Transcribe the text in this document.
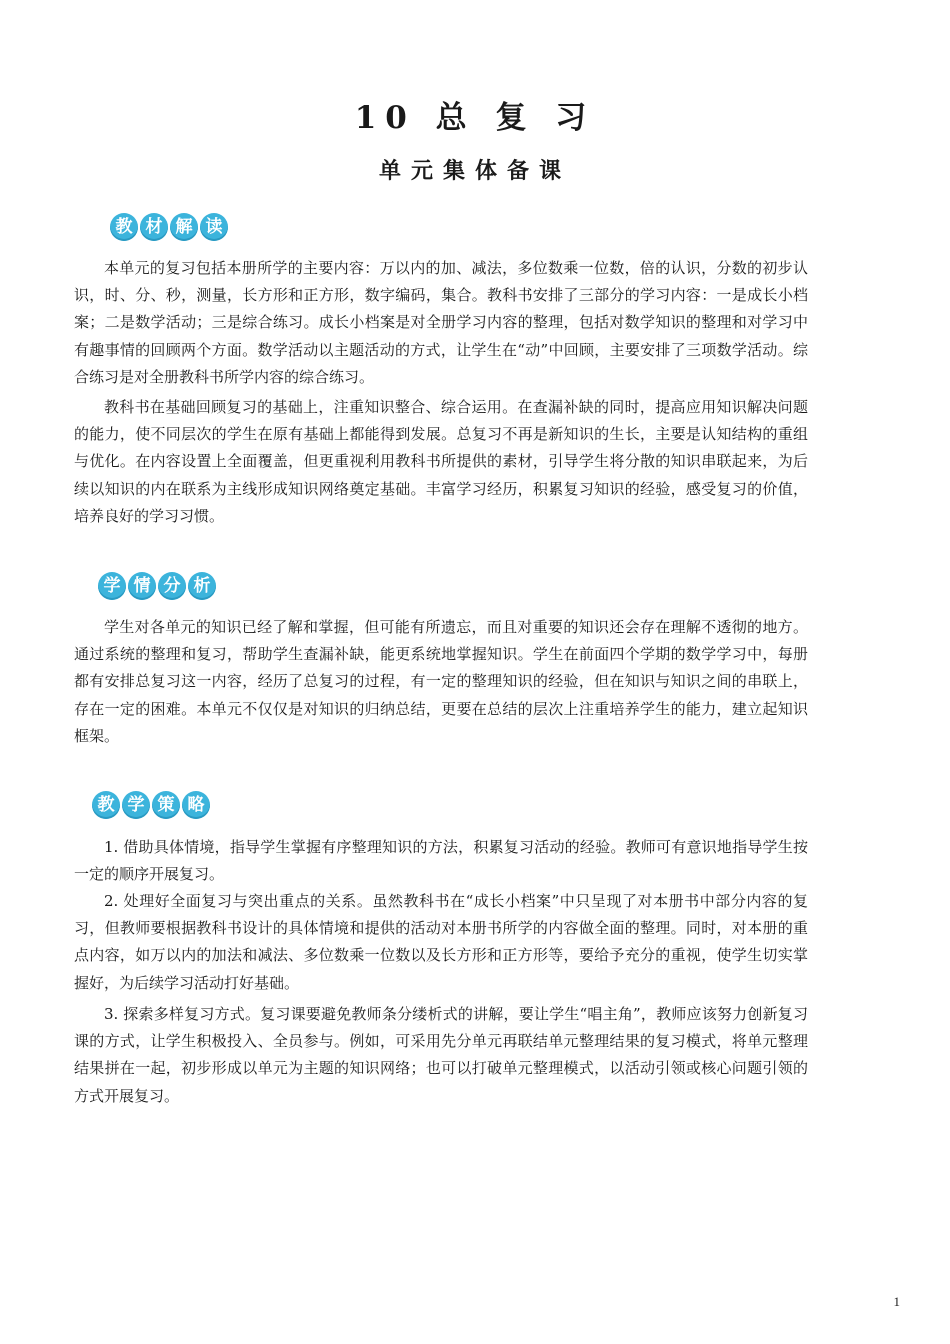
10 总 复 习
单元集体备课
教 材 解 读

本单元的复习包括本册所学的主要内容：万以内的加、减法，多位数乘一位数，倍的认识，分数的初步认识，时、分、秒，测量，长方形和正方形，数字编码，集合。教科书安排了三部分的学习内容：一是成长小档案；二是数学活动；三是综合练习。成长小档案是对全册学习内容的整理，包括对数学知识的整理和对学习中有趣事情的回顾两个方面。数学活动以主题活动的方式，让学生在“动”中回顾，主要安排了三项数学活动。综合练习是对全册教科书所学内容的综合练习。

教科书在基础回顾复习的基础上，注重知识整合、综合运用。在查漏补缺的同时，提高应用知识解决问题的能力，使不同层次的学生在原有基础上都能得到发展。总复习不再是新知识的生长，主要是认知结构的重组与优化。在内容设置上全面覆盖，但更重视利用教科书所提供的素材，引导学生将分散的知识串联起来，为后续以知识的内在联系为主线形成知识网络奠定基础。丰富学习经历，积累复习知识的经验，感受复习的价值，培养良好的学习习惯。

学 情 分 析

学生对各单元的知识已经了解和掌握，但可能有所遗忘，而且对重要的知识还会存在理解不透彻的地方。通过系统的整理和复习，帮助学生查漏补缺，能更系统地掌握知识。学生在前面四个学期的数学学习中，每册都有安排总复习这一内容，经历了总复习的过程，有一定的整理知识的经验，但在知识与知识之间的串联上，存在一定的困难。本单元不仅仅是对知识的归纳总结，更要在总结的层次上注重培养学生的能力，建立起知识框架。

教 学 策 略

1. 借助具体情境，指导学生掌握有序整理知识的方法，积累复习活动的经验。教师可有意识地指导学生按一定的顺序开展复习。

2. 处理好全面复习与突出重点的关系。虽然教科书在“成长小档案”中只呈现了对本册书中部分内容的复习，但教师要根据教科书设计的具体情境和提供的活动对本册书所学的内容做全面的整理。同时，对本册的重点内容，如万以内的加法和减法、多位数乘一位数以及长方形和正方形等，要给予充分的重视，使学生切实掌握好，为后续学习活动打好基础。

3. 探索多样复习方式。复习课要避免教师条分缕析式的讲解，要让学生“唱主角”，教师应该努力创新复习课的方式，让学生积极投入、全员参与。例如，可采用先分单元再联结单元整理结果的复习模式，将单元整理结果拼在一起，初步形成以单元为主题的知识网络；也可以打破单元整理模式，以活动引领或核心问题引领的方式开展复习。

1
